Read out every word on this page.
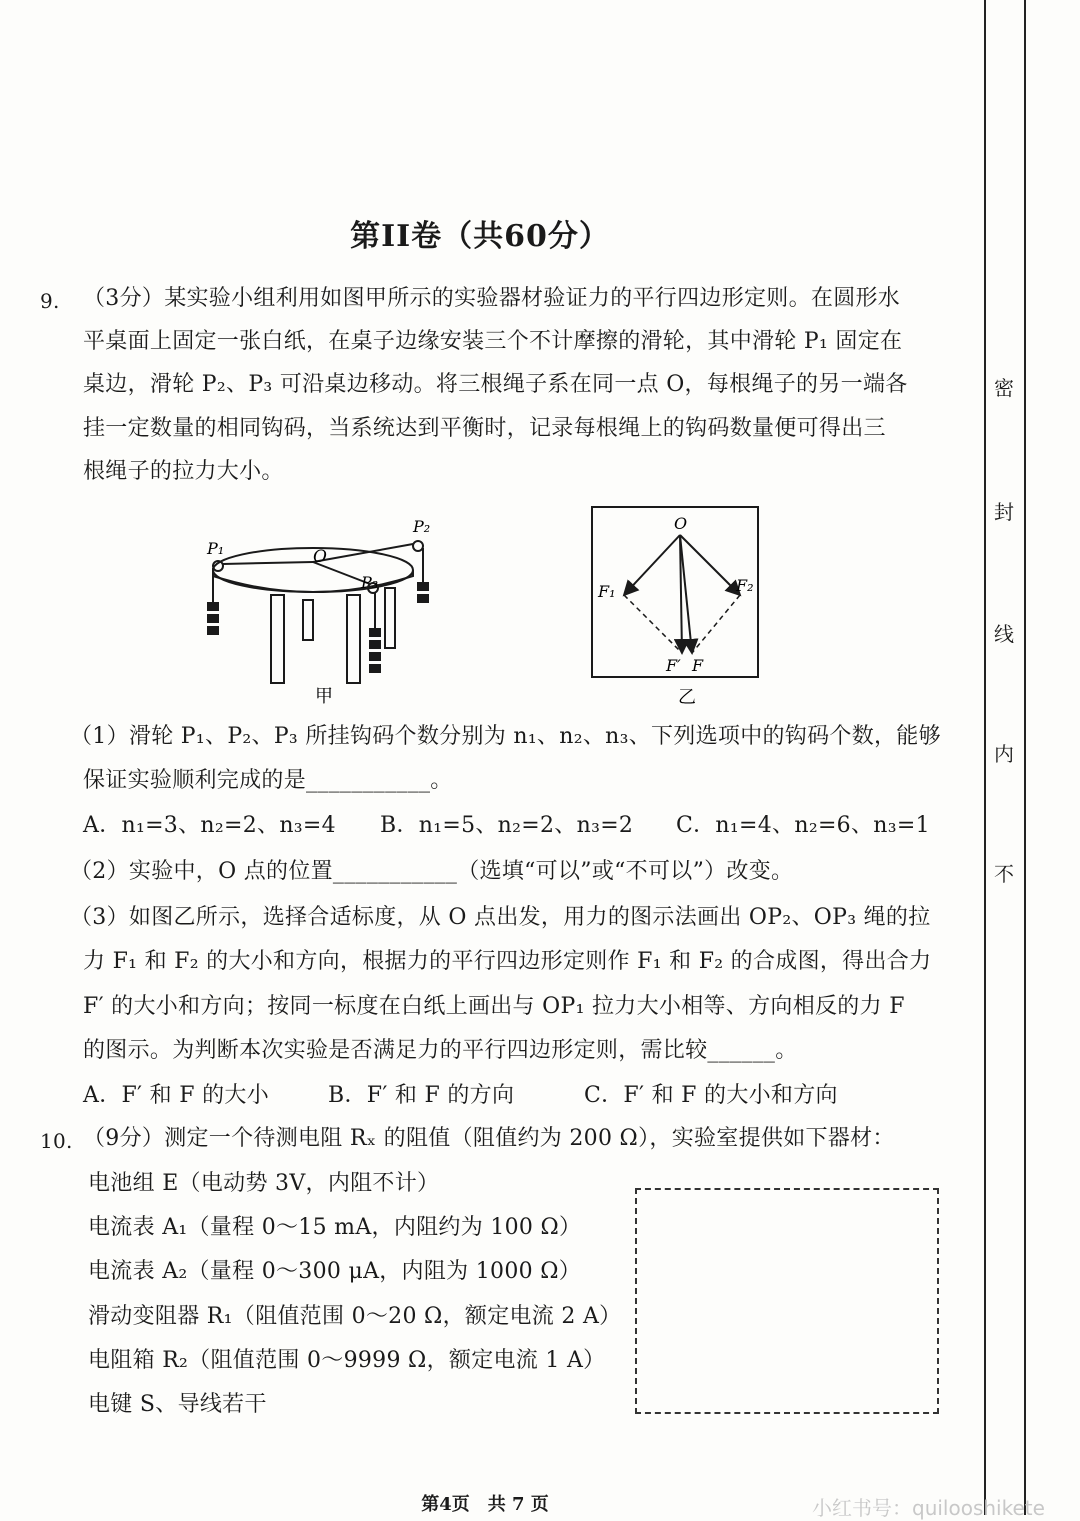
第II卷（共60分）
9. （3分）某实验小组利用如图甲所示的实验器材验证力的平行四边形定则。在圆形水
平桌面上固定一张白纸，在桌子边缘安装三个不计摩擦的滑轮，其中滑轮 P₁ 固定在
桌边，滑轮 P₂、P₃ 可沿桌边移动。将三根绳子系在同一点 O，每根绳子的另一端各
挂一定数量的相同钩码，当系统达到平衡时，记录每根绳上的钩码数量便可得出三
根绳子的拉力大小。
P₁
P₂
P₃
O
甲
O
F₁	F₂
F′ F
乙
（1）滑轮 P₁、P₂、P₃ 所挂钩码个数分别为 n₁、n₂、n₃、下列选项中的钩码个数，能够
保证实验顺利完成的是___________。
A．n₁=3、n₂=2、n₃=4 B．n₁=5、n₂=2、n₃=2 C．n₁=4、n₂=6、n₃=1
（2）实验中，O 点的位置___________（选填“可以”或“不可以”）改变。
（3）如图乙所示，选择合适标度，从 O 点出发，用力的图示法画出 OP₂、OP₃ 绳的拉
力 F₁ 和 F₂ 的大小和方向，根据力的平行四边形定则作 F₁ 和 F₂ 的合成图，得出合力
F′ 的大小和方向；按同一标度在白纸上画出与 OP₁ 拉力大小相等、方向相反的力 F
的图示。为判断本次实验是否满足力的平行四边形定则，需比较______。
A．F′ 和 F 的大小	B．F′ 和 F 的方向	C．F′ 和 F 的大小和方向
10. （9分）测定一个待测电阻 Rₓ 的阻值（阻值约为 200 Ω），实验室提供如下器材：
电池组 E（电动势 3V，内阻不计）
电流表 A₁（量程 0～15 mA，内阻约为 100 Ω）
电流表 A₂（量程 0～300 μA，内阻为 1000 Ω）
滑动变阻器 R₁（阻值范围 0～20 Ω，额定电流 2 A）
电阻箱 R₂（阻值范围 0～9999 Ω，额定电流 1 A）
电键 S、导线若干
密
封
线
内
不
第4页　共 7 页	小红书号：quilooshikete
